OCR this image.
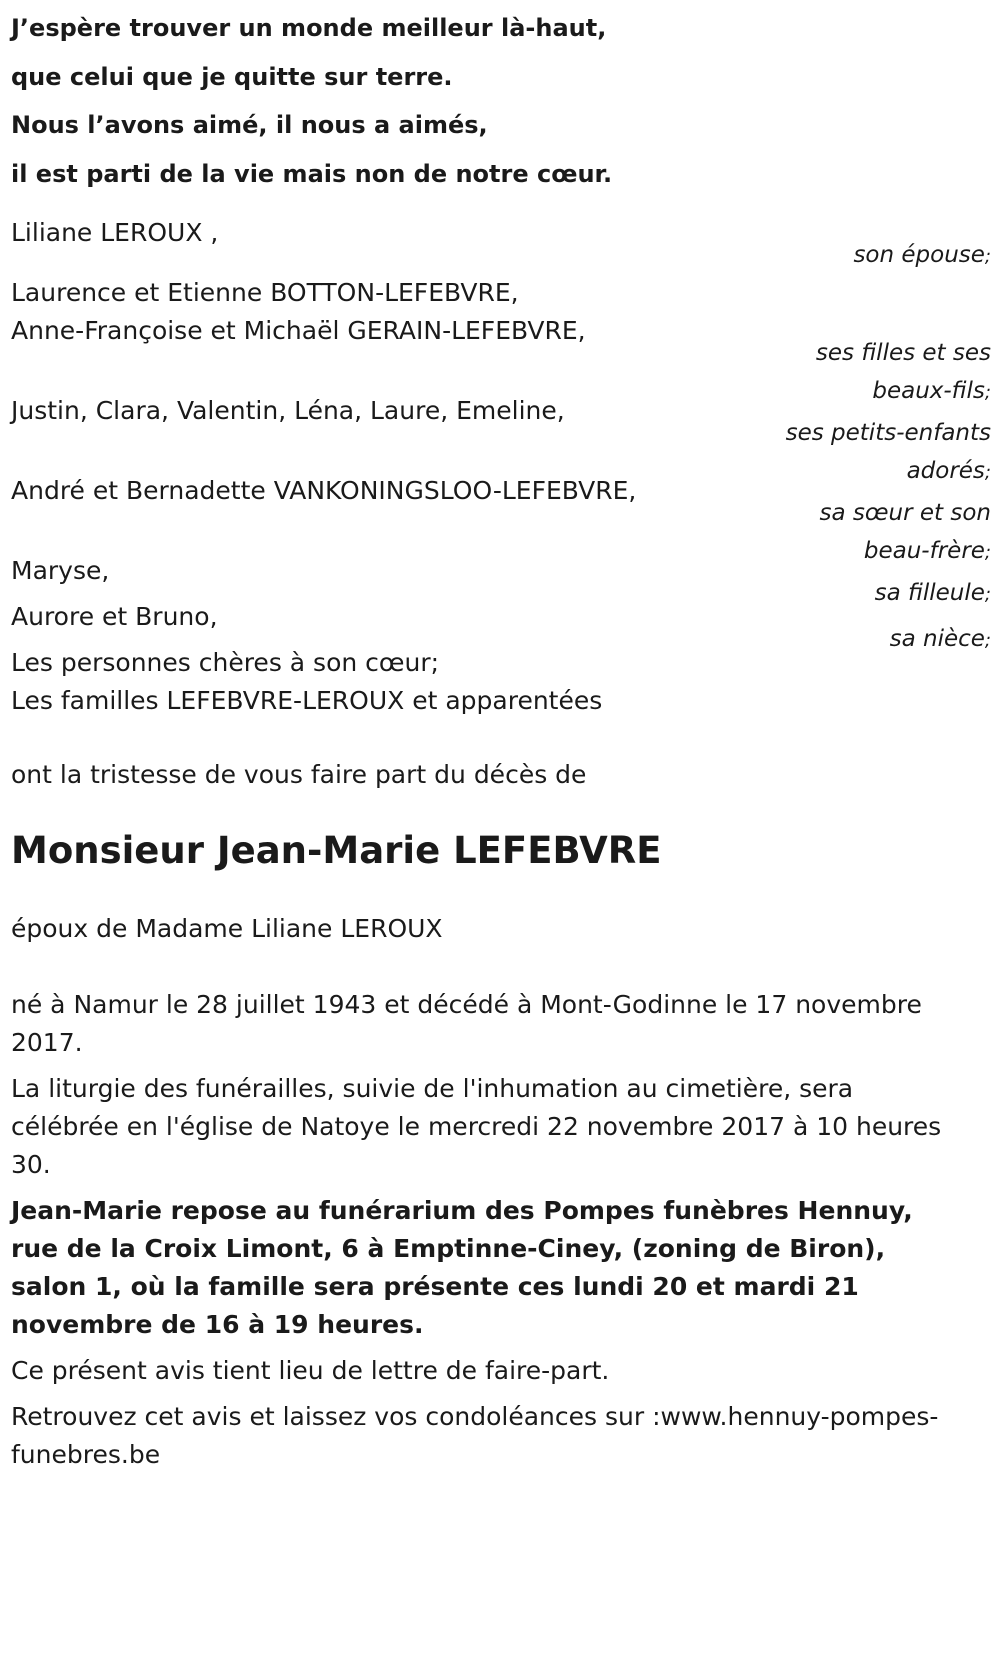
J’espère trouver un monde meilleur là-haut,
que celui que je quitte sur terre.
Nous l’avons aimé, il nous a aimés,
il est parti de la vie mais non de notre cœur.
Liliane LEROUX ,
son épouse;
Laurence et Etienne BOTTON-LEFEBVRE,
Anne-Françoise et Michaël GERAIN-LEFEBVRE,
ses filles et ses beaux-fils;
Justin, Clara, Valentin, Léna, Laure, Emeline,
ses petits-enfants adorés;
André et Bernadette VANKONINGSLOO-LEFEBVRE,
sa sœur et son beau-frère;
Maryse,
sa filleule;
Aurore et Bruno,
sa nièce;
Les personnes chères à son cœur;
Les familles LEFEBVRE-LEROUX et apparentées
ont la tristesse de vous faire part du décès de
Monsieur Jean-Marie LEFEBVRE
époux de Madame Liliane LEROUX
né à Namur le 28 juillet 1943 et décédé à Mont-Godinne le 17 novembre 2017.
La liturgie des funérailles, suivie de l'inhumation au cimetière, sera célébrée en l'église de Natoye le mercredi 22 novembre 2017 à 10 heures 30.
Jean-Marie repose au funérarium des Pompes funèbres Hennuy, rue de la Croix Limont, 6 à Emptinne-Ciney, (zoning de Biron), salon 1, où la famille sera présente ces lundi 20 et mardi 21 novembre de 16 à 19 heures.
Ce présent avis tient lieu de lettre de faire-part.
Retrouvez cet avis et laissez vos condoléances sur :www.hennuy-pompes-funebres.be
